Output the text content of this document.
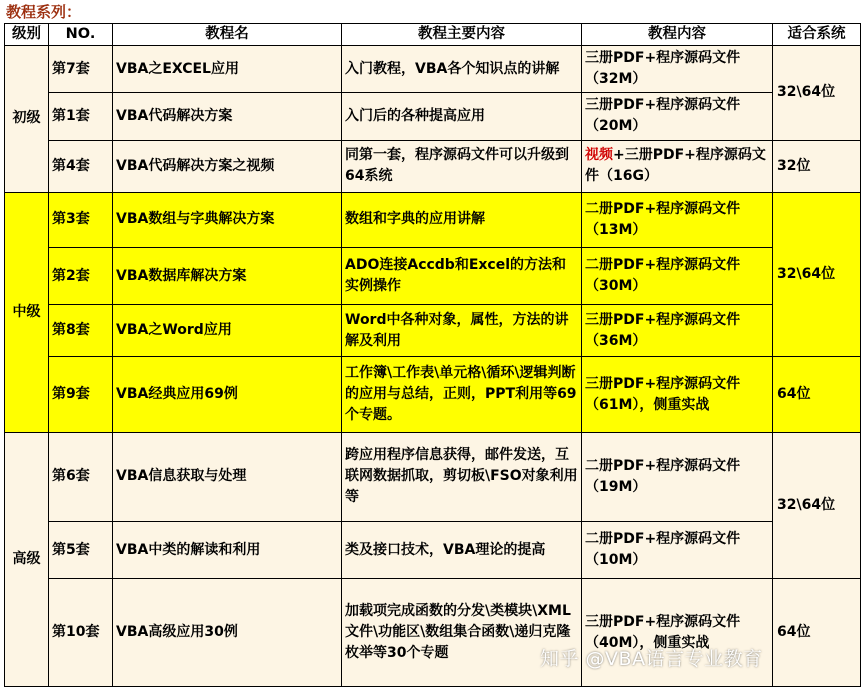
教程系列：
级别	NO.	教程名	教程主要内容	教程内容	适合系统
初级	第7套	VBA之EXCEL应用	入门教程，VBA各个知识点的讲解	三册PDF+程序源码文件（32M）	32\64位
	第1套	VBA代码解决方案	入门后的各种提高应用	三册PDF+程序源码文件（20M）	
	第4套	VBA代码解决方案之视频	同第一套，程序源码文件可以升级到64系统	视频+三册PDF+程序源码文件（16G）	32位
中级	第3套	VBA数组与字典解决方案	数组和字典的应用讲解	二册PDF+程序源码文件（13M）	32\64位
	第2套	VBA数据库解决方案	ADO连接Accdb和Excel的方法和实例操作	二册PDF+程序源码文件（30M）	
	第8套	VBA之Word应用	Word中各种对象，属性，方法的讲解及利用	三册PDF+程序源码文件（36M）	
	第9套	VBA经典应用69例	工作簿\工作表\单元格\循环\逻辑判断的应用与总结，正则，PPT利用等69个专题。	三册PDF+程序源码文件（61M），侧重实战	64位
高级	第6套	VBA信息获取与处理	跨应用程序信息获得，邮件发送，互联网数据抓取，剪切板\FSO对象利用等	二册PDF+程序源码文件（19M）	32\64位
	第5套	VBA中类的解读和利用	类及接口技术，VBA理论的提高	二册PDF+程序源码文件（10M）	
	第10套	VBA高级应用30例	加载项完成函数的分发\类模块\XML文件\功能区\数组集合函数\递归克隆枚举等30个专题	三册PDF+程序源码文件（40M），侧重实战	64位
知乎 @VBA语言专业教育
